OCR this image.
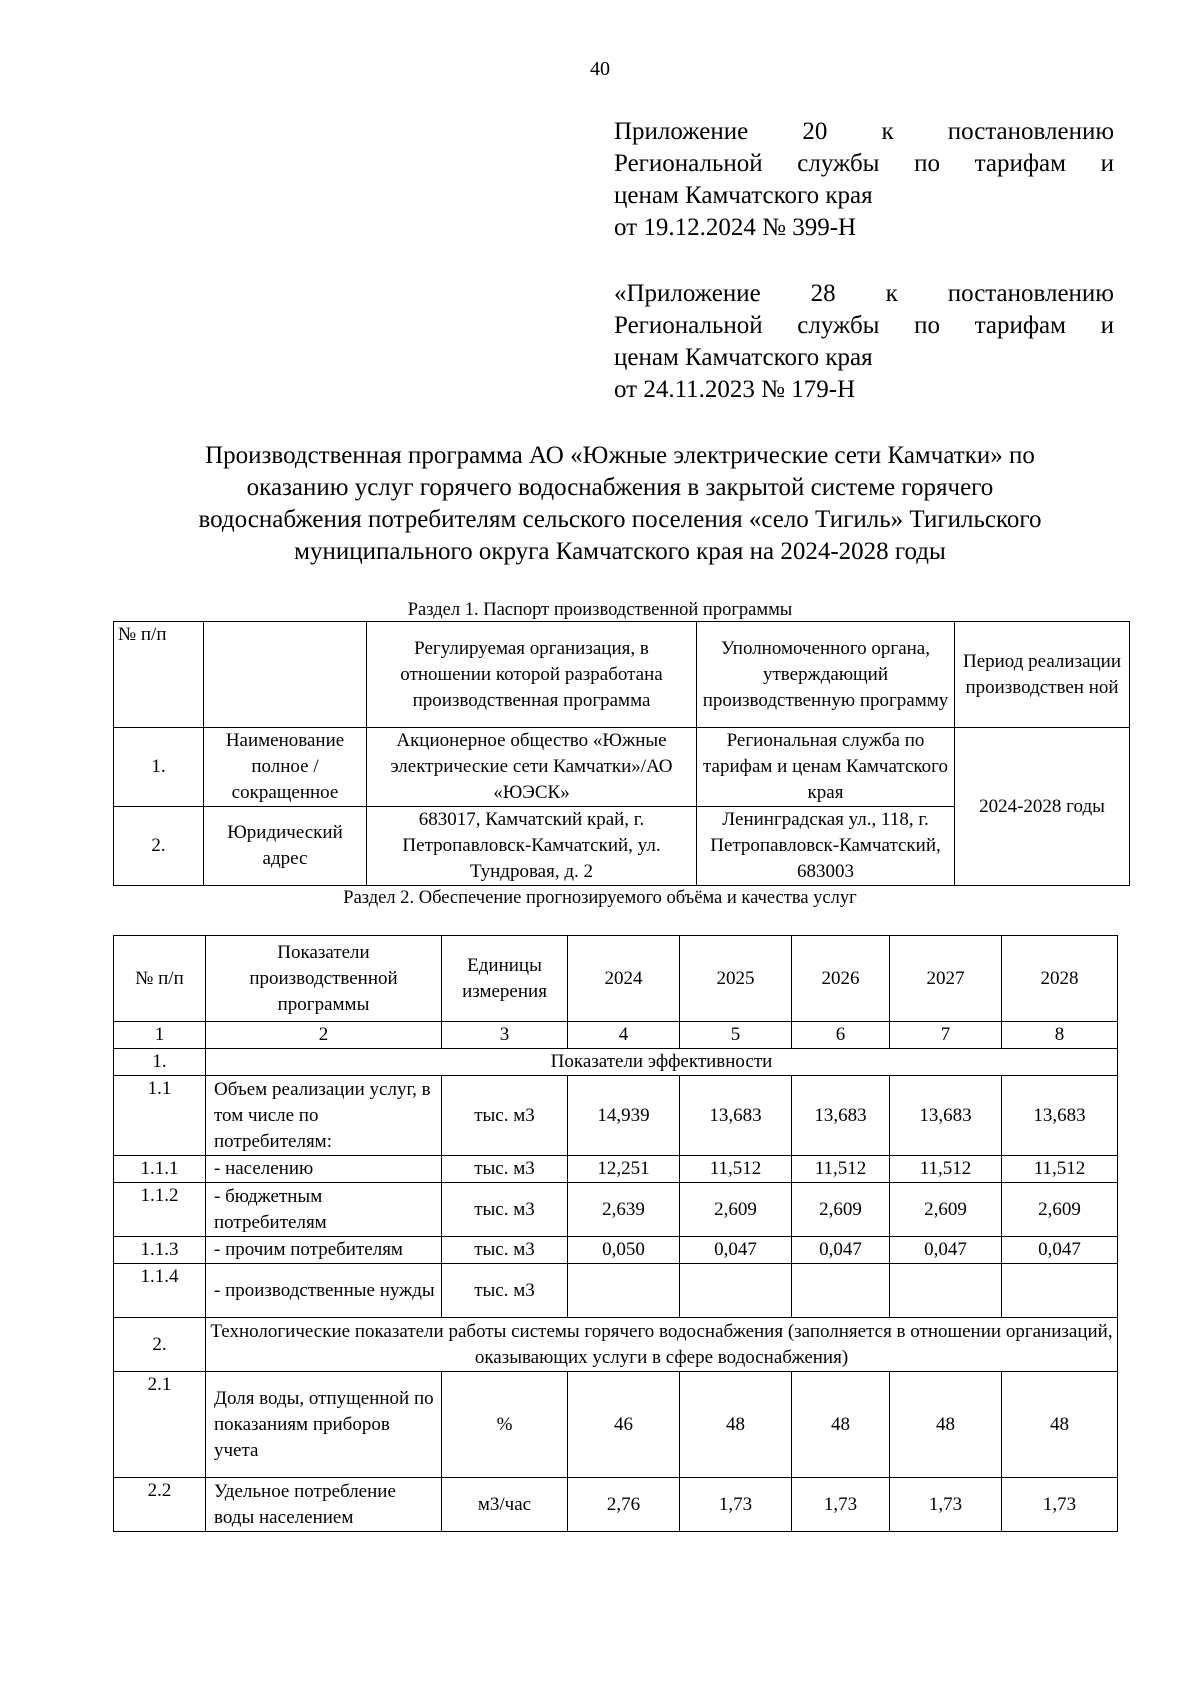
40
Приложение 20 к постановлению
Региональной службы по тарифам и
ценам Камчатского края
от 19.12.2024 № 399-Н
«Приложение 28 к постановлению
Региональной службы по тарифам и
ценам Камчатского края
от 24.11.2023 № 179-Н
Производственная программа АО «Южные электрические сети Камчатки» по
оказанию услуг горячего водоснабжения в закрытой системе горячего
водоснабжения потребителям сельского поселения «село Тигиль» Тигильского
муниципального округа Камчатского края на 2024-2028 годы
Раздел 1. Паспорт производственной программы
№ п/п		Регулируемая организация, в отношении которой разработана производственная программа	Уполномоченного органа, утверждающий производственную программу	Период реализации производствен ной
1.	Наименование полное / сокращенное	Акционерное общество «Южные электрические сети Камчатки»/АО «ЮЭСК»	Региональная служба по тарифам и ценам Камчатского края	2024-2028 годы
2.	Юридический адрес	683017, Камчатский край, г. Петропавловск-Камчатский, ул. Тундровая, д. 2	Ленинградская ул., 118, г. Петропавловск-Камчатский, 683003	
Раздел 2. Обеспечение прогнозируемого объёма и качества услуг
№ п/п	Показатели производственной программы	Единицы измерения	2024	2025	2026	2027	2028
1	2	3	4	5	6	7	8
1.	Показатели эффективности						
1.1	Объем реализации услуг, в том числе по потребителям:	тыс. м3	14,939	13,683	13,683	13,683	13,683
1.1.1	- населению	тыс. м3	12,251	11,512	11,512	11,512	11,512
1.1.2	- бюджетным потребителям	тыс. м3	2,639	2,609	2,609	2,609	2,609
1.1.3	- прочим потребителям	тыс. м3	0,050	0,047	0,047	0,047	0,047
1.1.4	- производственные нужды	тыс. м3					
2.	Технологические показатели работы системы горячего водоснабжения (заполняется в отношении организаций, оказывающих услуги в сфере водоснабжения)						
2.1	Доля воды, отпущенной по показаниям приборов учета	%	46	48	48	48	48
2.2	Удельное потребление воды населением	м3/час	2,76	1,73	1,73	1,73	1,73
